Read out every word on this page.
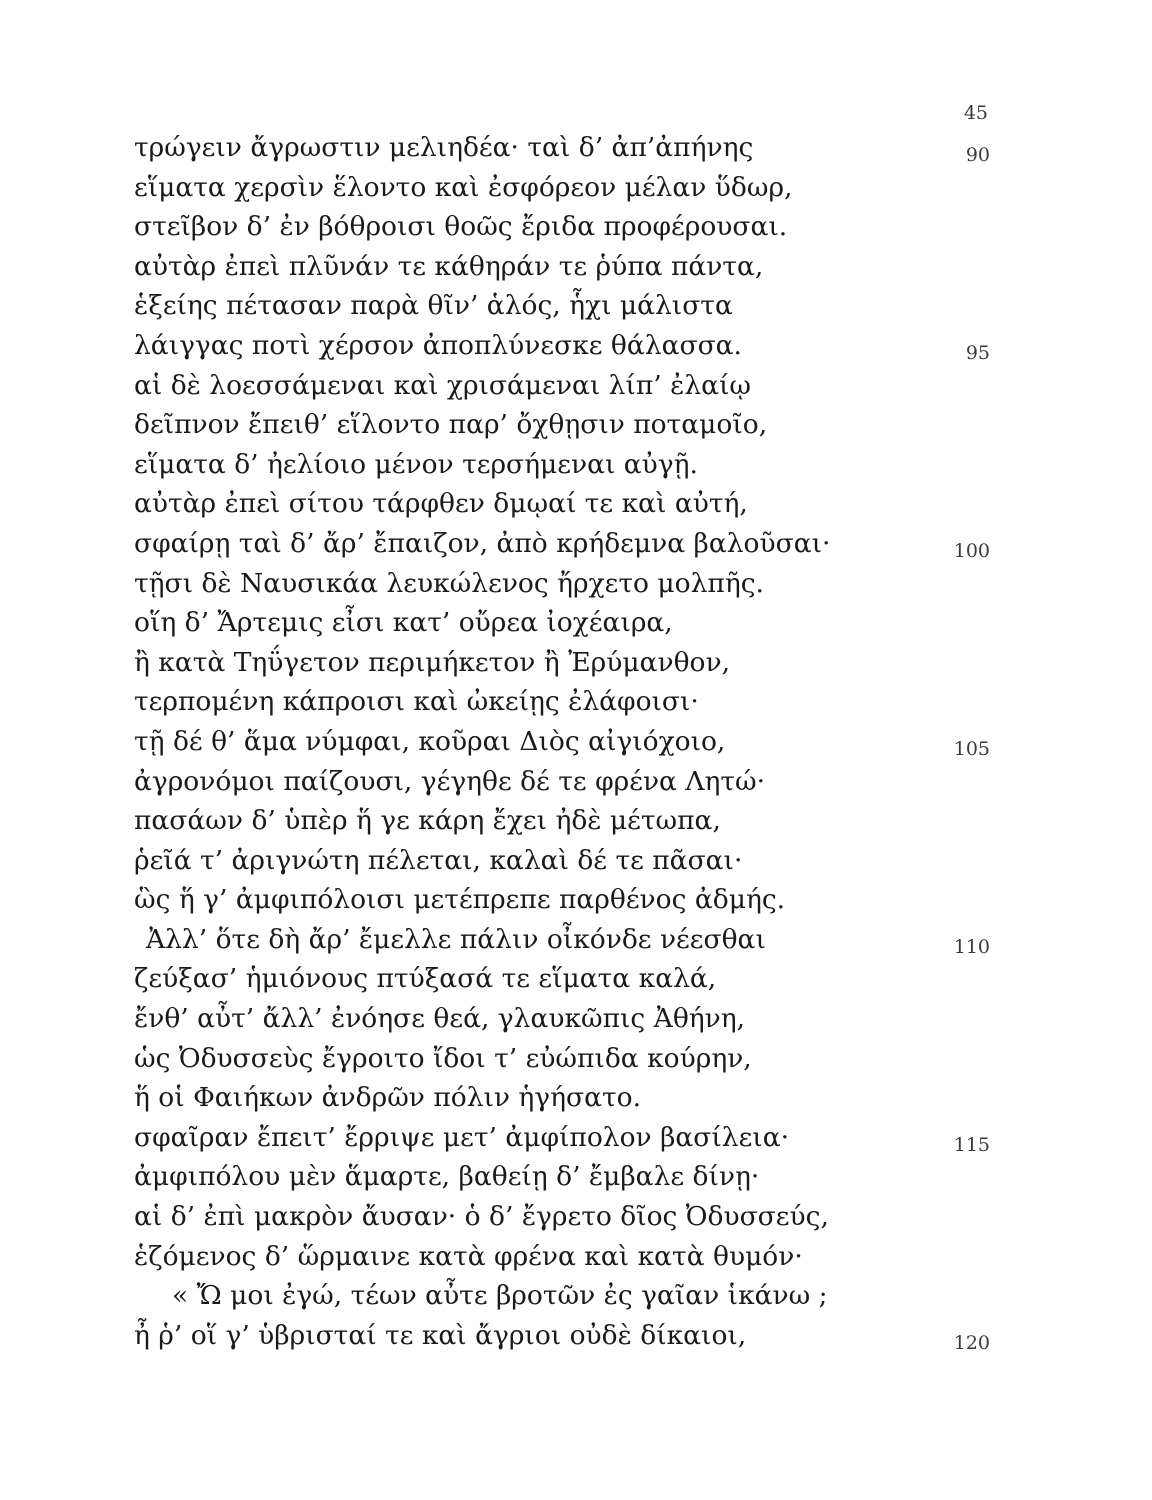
45
τρώγειν ἄγρωστιν μελιηδέα· ταὶ δ’ ἀπ’ἀπήνης	90
εἵματα χερσὶν ἕλοντο καὶ ἐσφόρεον μέλαν ὕδωρ,
στεῖβον δ’ ἐν βόθροισι θοῶς ἔριδα προφέρουσαι.
αὐτὰρ ἐπεὶ πλῦνάν τε κάθηράν τε ῥύπα πάντα,
ἑξείης πέτασαν παρὰ θῖν’ ἁλός, ἧχι μάλιστα
λάιγγας ποτὶ χέρσον ἀποπλύνεσκε θάλασσα.	95
αἱ δὲ λοεσσάμεναι καὶ χρισάμεναι λίπ’ ἐλαίῳ
δεῖπνον ἔπειθ’ εἵλοντο παρ’ ὄχθῃσιν ποταμοῖο,
εἵματα δ’ ἠελίοιο μένον τερσήμεναι αὐγῇ.
αὐτὰρ ἐπεὶ σίτου τάρφθεν δμῳαί τε καὶ αὐτή,
σφαίρῃ ταὶ δ’ ἄρ’ ἔπαιζον, ἀπὸ κρήδεμνα βαλοῦσαι·	100
τῇσι δὲ Ναυσικάα λευκώλενος ἤρχετο μολπῆς.
οἵη δ’ Ἄρτεμις εἶσι κατ’ οὔρεα ἰοχέαιρα,
ἢ κατὰ Τηΰγετον περιμήκετον ἢ Ἐρύμανθον,
τερπομένη κάπροισι καὶ ὠκείῃς ἐλάφοισι·
τῇ δέ θ’ ἅμα νύμφαι, κοῦραι Διὸς αἰγιόχοιο,	105
ἀγρονόμοι παίζουσι, γέγηθε δέ τε φρένα Λητώ·
πασάων δ’ ὑπὲρ ἥ γε κάρη ἔχει ἠδὲ μέτωπα,
ῥεῖά τ’ ἀριγνώτη πέλεται, καλαὶ δέ τε πᾶσαι·
ὣς ἥ γ’ ἀμφιπόλοισι μετέπρεπε παρθένος ἀδμής.
Ἀλλ’ ὅτε δὴ ἄρ’ ἔμελλε πάλιν οἶκόνδε νέεσθαι	110
ζεύξασ’ ἡμιόνους πτύξασά τε εἵματα καλά,
ἔνθ’ αὖτ’ ἄλλ’ ἐνόησε θεά, γλαυκῶπις Ἀθήνη,
ὡς Ὀδυσσεὺς ἔγροιτο ἴδοι τ’ εὐώπιδα κούρην,
ἥ οἱ Φαιήκων ἀνδρῶν πόλιν ἡγήσατο.
σφαῖραν ἔπειτ’ ἔρριψε μετ’ ἀμφίπολον βασίλεια·	115
ἀμφιπόλου μὲν ἅμαρτε, βαθείῃ δ’ ἔμβαλε δίνῃ·
αἱ δ’ ἐπὶ μακρὸν ἄυσαν· ὁ δ’ ἔγρετο δῖος Ὀδυσσεύς,
ἑζόμενος δ’ ὥρμαινε κατὰ φρένα καὶ κατὰ θυμόν·
« Ὤ μοι ἐγώ, τέων αὖτε βροτῶν ἐς γαῖαν ἱκάνω ;
ἦ ῥ’ οἵ γ’ ὑβρισταί τε καὶ ἄγριοι οὐδὲ δίκαιοι,	120
